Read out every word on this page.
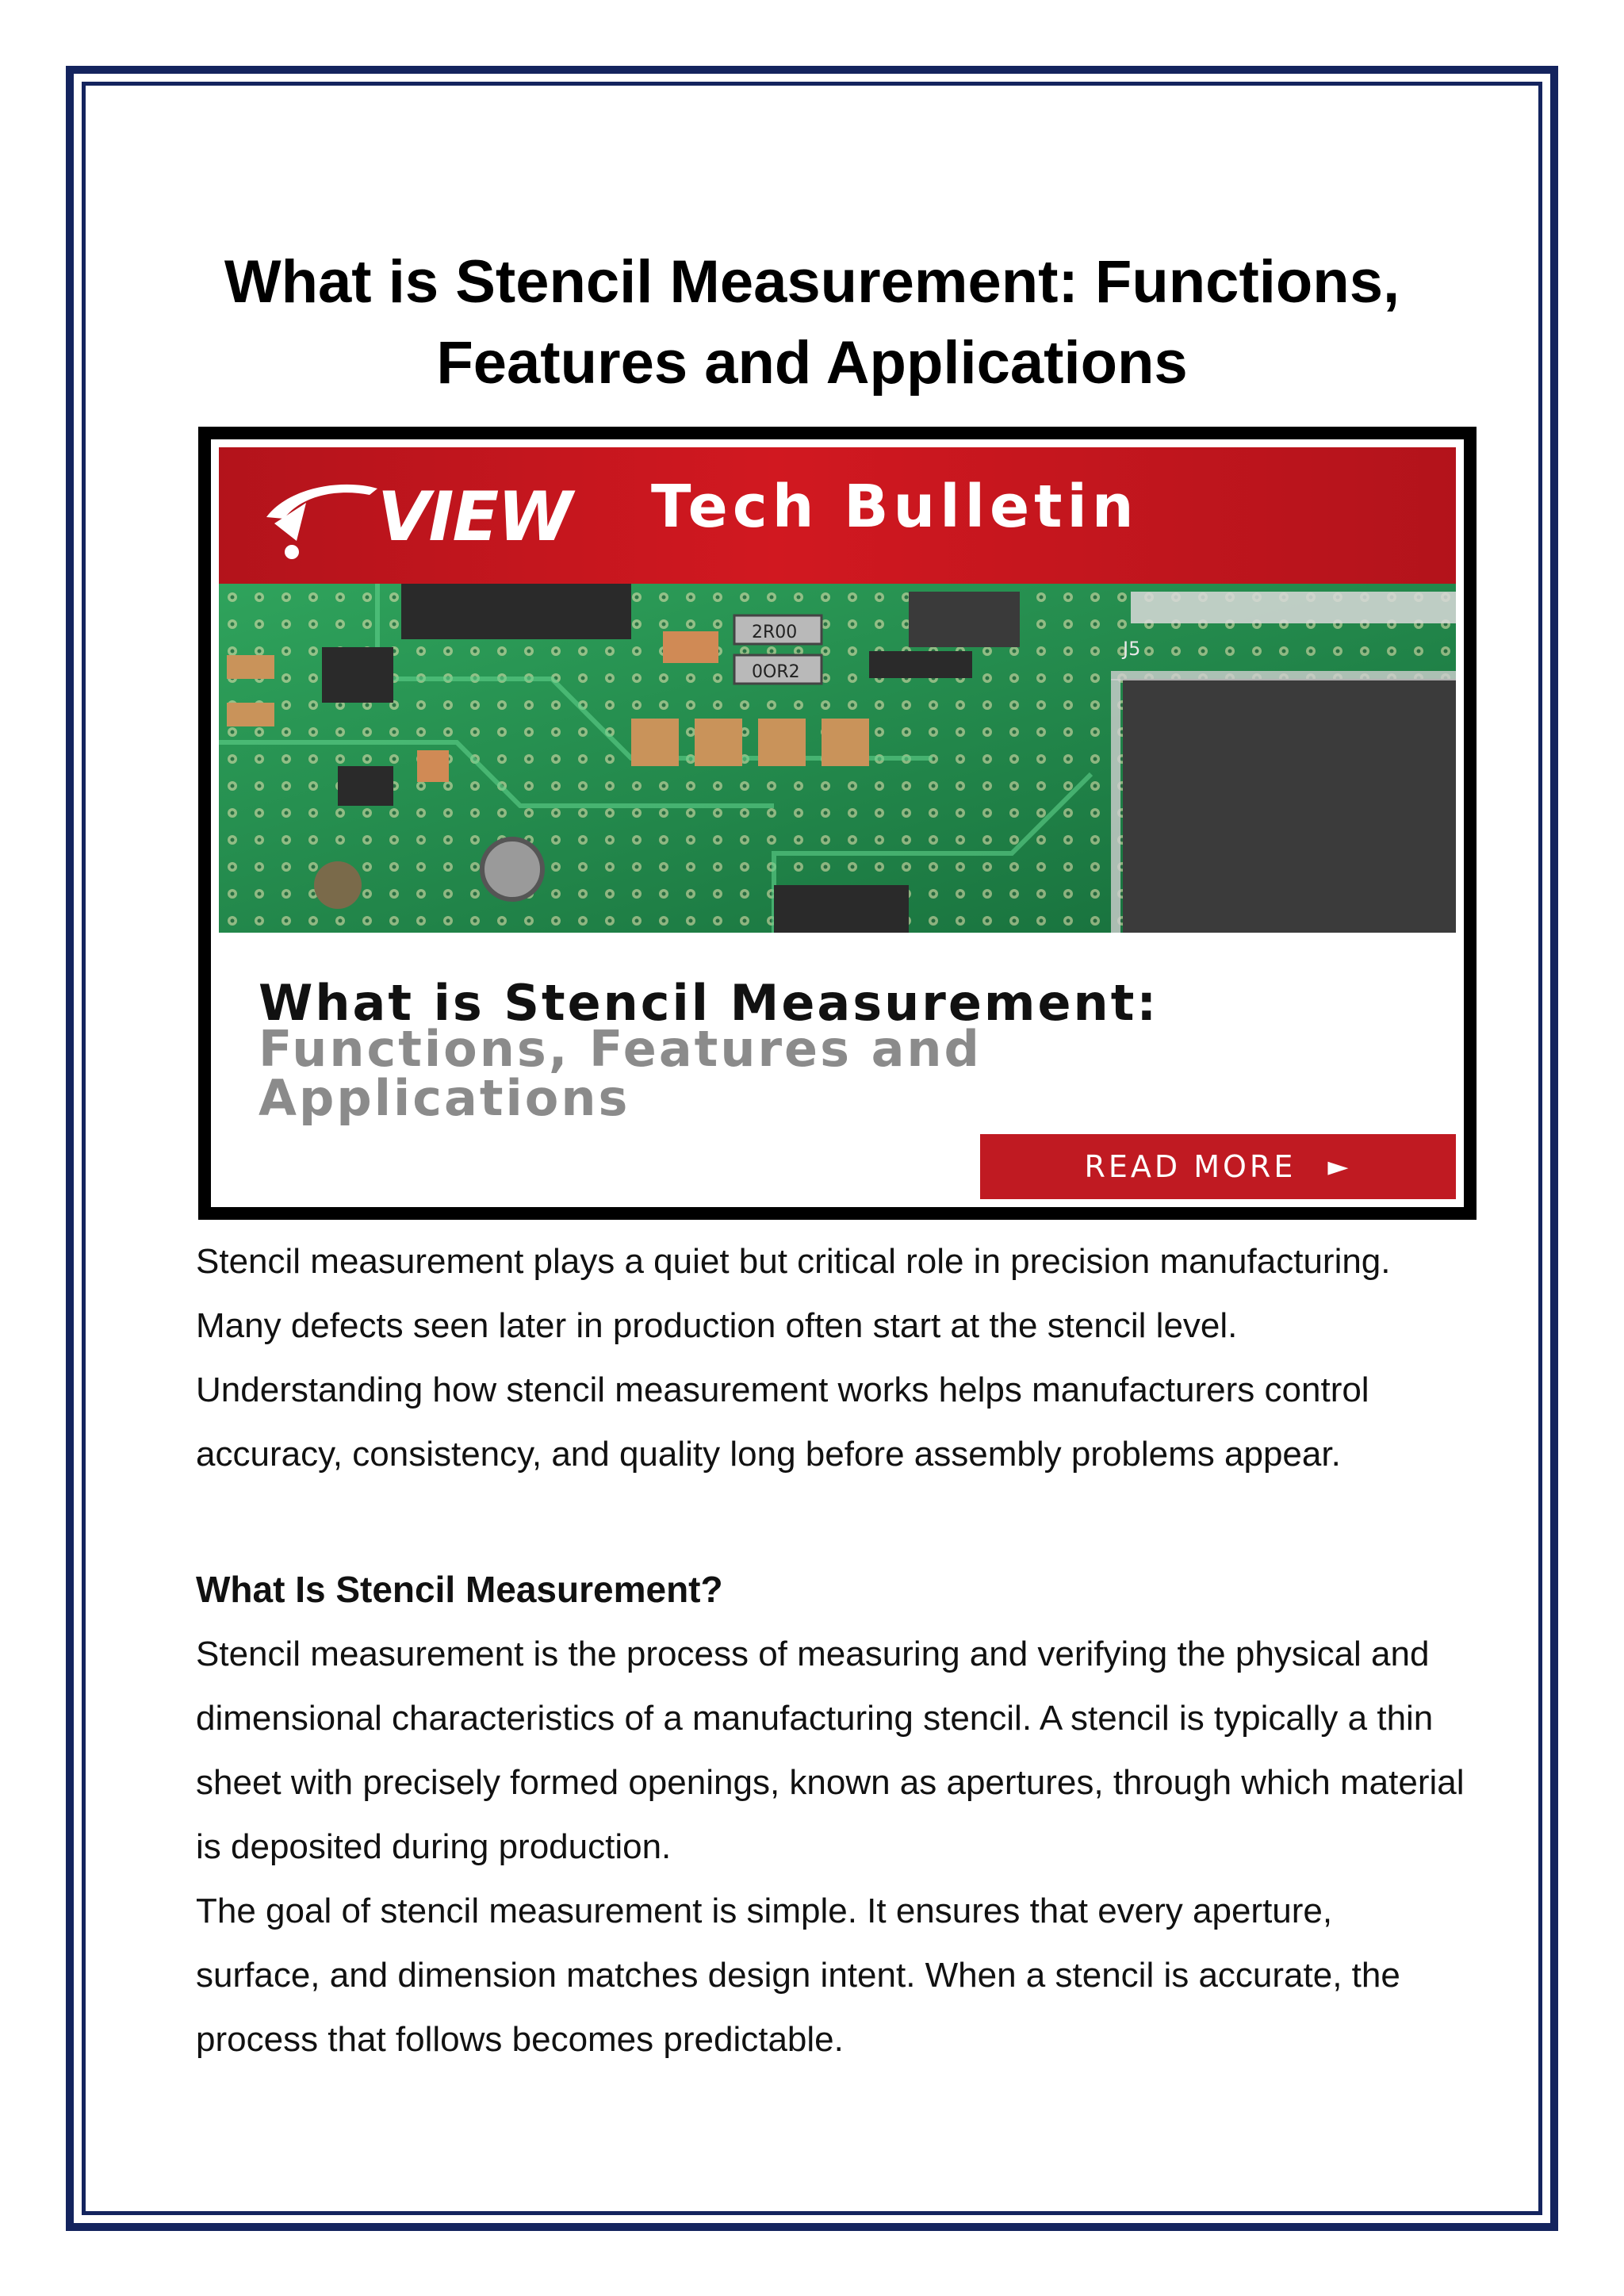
What is Stencil Measurement: Functions, Features and Applications
VIEW Tech Bulletin
2R00
0OR2
J5
What is Stencil Measurement:
Functions, Features and Applications
READ MORE ►

Stencil measurement plays a quiet but critical role in precision manufacturing. Many defects seen later in production often start at the stencil level. Understanding how stencil measurement works helps manufacturers control accuracy, consistency, and quality long before assembly problems appear.

What Is Stencil Measurement?

Stencil measurement is the process of measuring and verifying the physical and dimensional characteristics of a manufacturing stencil. A stencil is typically a thin sheet with precisely formed openings, known as apertures, through which material is deposited during production.

The goal of stencil measurement is simple. It ensures that every aperture, surface, and dimension matches design intent. When a stencil is accurate, the process that follows becomes predictable.
